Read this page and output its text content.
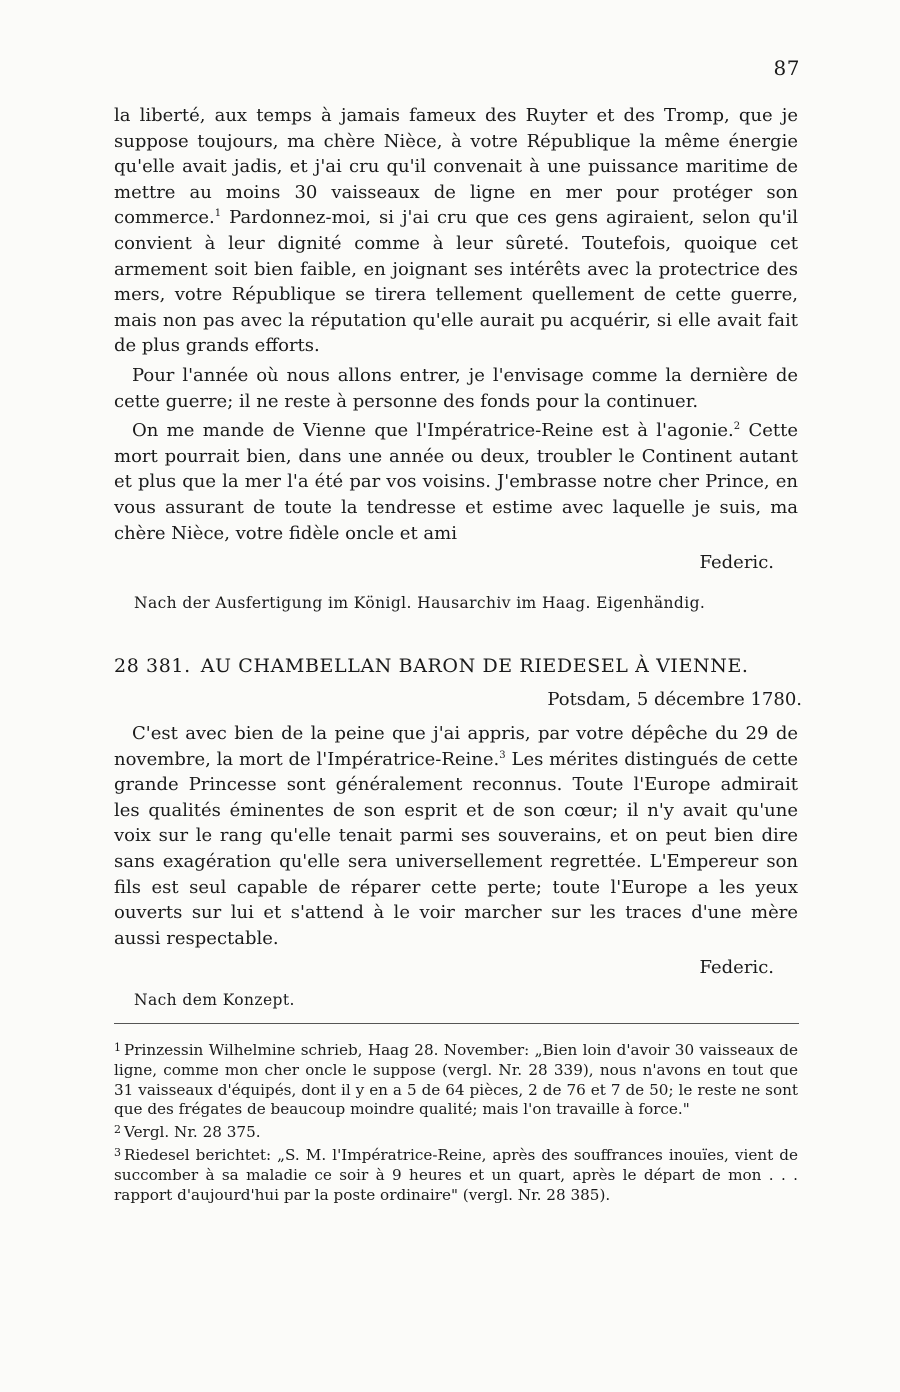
87

la liberté, aux temps à jamais fameux des Ruyter et des Tromp, que je suppose toujours, ma chère Nièce, à votre République la même énergie qu'elle avait jadis, et j'ai cru qu'il convenait à une puissance maritime de mettre au moins 30 vaisseaux de ligne en mer pour protéger son commerce.$^1$ Pardonnez-moi, si j'ai cru que ces gens agiraient, selon qu'il convient à leur dignité comme à leur sûreté. Toutefois, quoique cet armement soit bien faible, en joignant ses intérêts avec la protectrice des mers, votre République se tirera tellement quellement de cette guerre, mais non pas avec la réputation qu'elle aurait pu acquérir, si elle avait fait de plus grands efforts.

Pour l'année où nous allons entrer, je l'envisage comme la dernière de cette guerre; il ne reste à personne des fonds pour la continuer.

On me mande de Vienne que l'Impératrice-Reine est à l'agonie.$^2$ Cette mort pourrait bien, dans une année ou deux, troubler le Continent autant et plus que la mer l'a été par vos voisins. J'embrasse notre cher Prince, en vous assurant de toute la tendresse et estime avec laquelle je suis, ma chère Nièce, votre fidèle oncle et ami

Federic.

Nach der Ausfertigung im Königl. Hausarchiv im Haag. Eigenhändig.
28 381. AU CHAMBELLAN BARON DE RIEDESEL À VIENNE.
Potsdam, 5 décembre 1780.

C'est avec bien de la peine que j'ai appris, par votre dépêche du 29 de novembre, la mort de l'Impératrice-Reine.$^3$ Les mérites distingués de cette grande Princesse sont généralement reconnus. Toute l'Europe admirait les qualités éminentes de son esprit et de son cœur; il n'y avait qu'une voix sur le rang qu'elle tenait parmi ses souverains, et on peut bien dire sans exagération qu'elle sera universellement regrettée. L'Empereur son fils est seul capable de réparer cette perte; toute l'Europe a les yeux ouverts sur lui et s'attend à le voir marcher sur les traces d'une mère aussi respectable.

Federic.

Nach dem Konzept.

$^1$ Prinzessin Wilhelmine schrieb, Haag 28. November: „Bien loin d'avoir 30 vaisseaux de ligne, comme mon cher oncle le suppose (vergl. Nr. 28 339), nous n'avons en tout que 31 vaisseaux d'équipés, dont il y en a 5 de 64 pièces, 2 de 76 et 7 de 50; le reste ne sont que des frégates de beaucoup moindre qualité; mais l'on travaille à force."

$^2$ Vergl. Nr. 28 375.

$^3$ Riedesel berichtet: „S. M. l'Impératrice-Reine, après des souffrances inouïes, vient de succomber à sa maladie ce soir à 9 heures et un quart, après le départ de mon . . . rapport d'aujourd'hui par la poste ordinaire" (vergl. Nr. 28 385).
